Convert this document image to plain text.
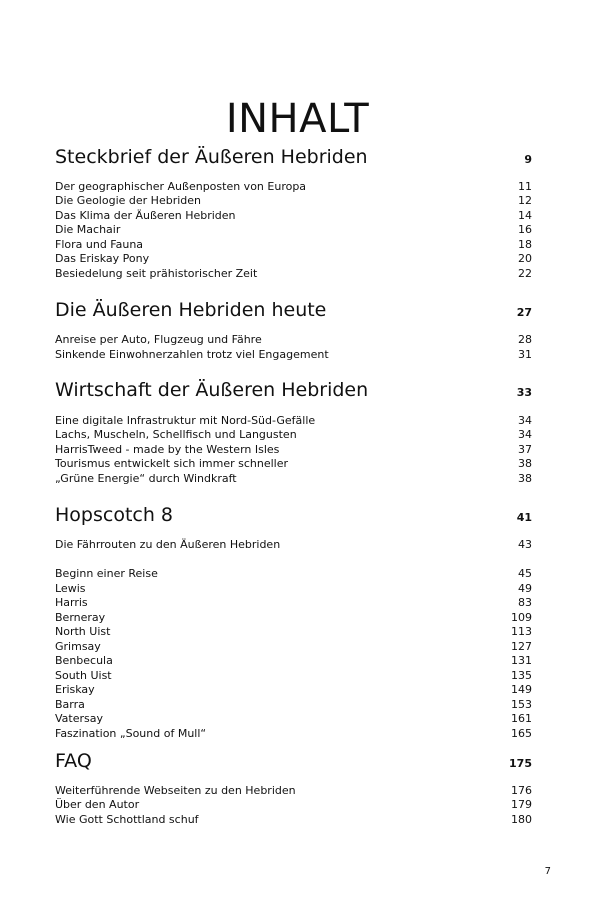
INHALT
Steckbrief der Äußeren Hebriden	9
Der geographischer Außenposten von Europa	11
Die Geologie der Hebriden	12
Das Klima der Äußeren Hebriden	14
Die Machair	16
Flora und Fauna	18
Das Eriskay Pony	20
Besiedelung seit prähistorischer Zeit	22
Die Äußeren Hebriden heute	27
Anreise per Auto, Flugzeug und Fähre	28
Sinkende Einwohnerzahlen trotz viel Engagement	31
Wirtschaft der Äußeren Hebriden	33
Eine digitale Infrastruktur mit Nord-Süd-Gefälle	34
Lachs, Muscheln, Schellfisch und Langusten	34
HarrisTweed - made by the Western Isles	37
Tourismus entwickelt sich immer schneller	38
„Grüne Energie“ durch Windkraft	38
Hopscotch 8	41
Die Fährrouten zu den Äußeren Hebriden	43
Beginn einer Reise	45
Lewis	49
Harris	83
Berneray	109
North Uist	113
Grimsay	127
Benbecula	131
South Uist	135
Eriskay	149
Barra	153
Vatersay	161
Faszination „Sound of Mull“	165
FAQ	175
Weiterführende Webseiten zu den Hebriden	176
Über den Autor	179
Wie Gott Schottland schuf	180
7
